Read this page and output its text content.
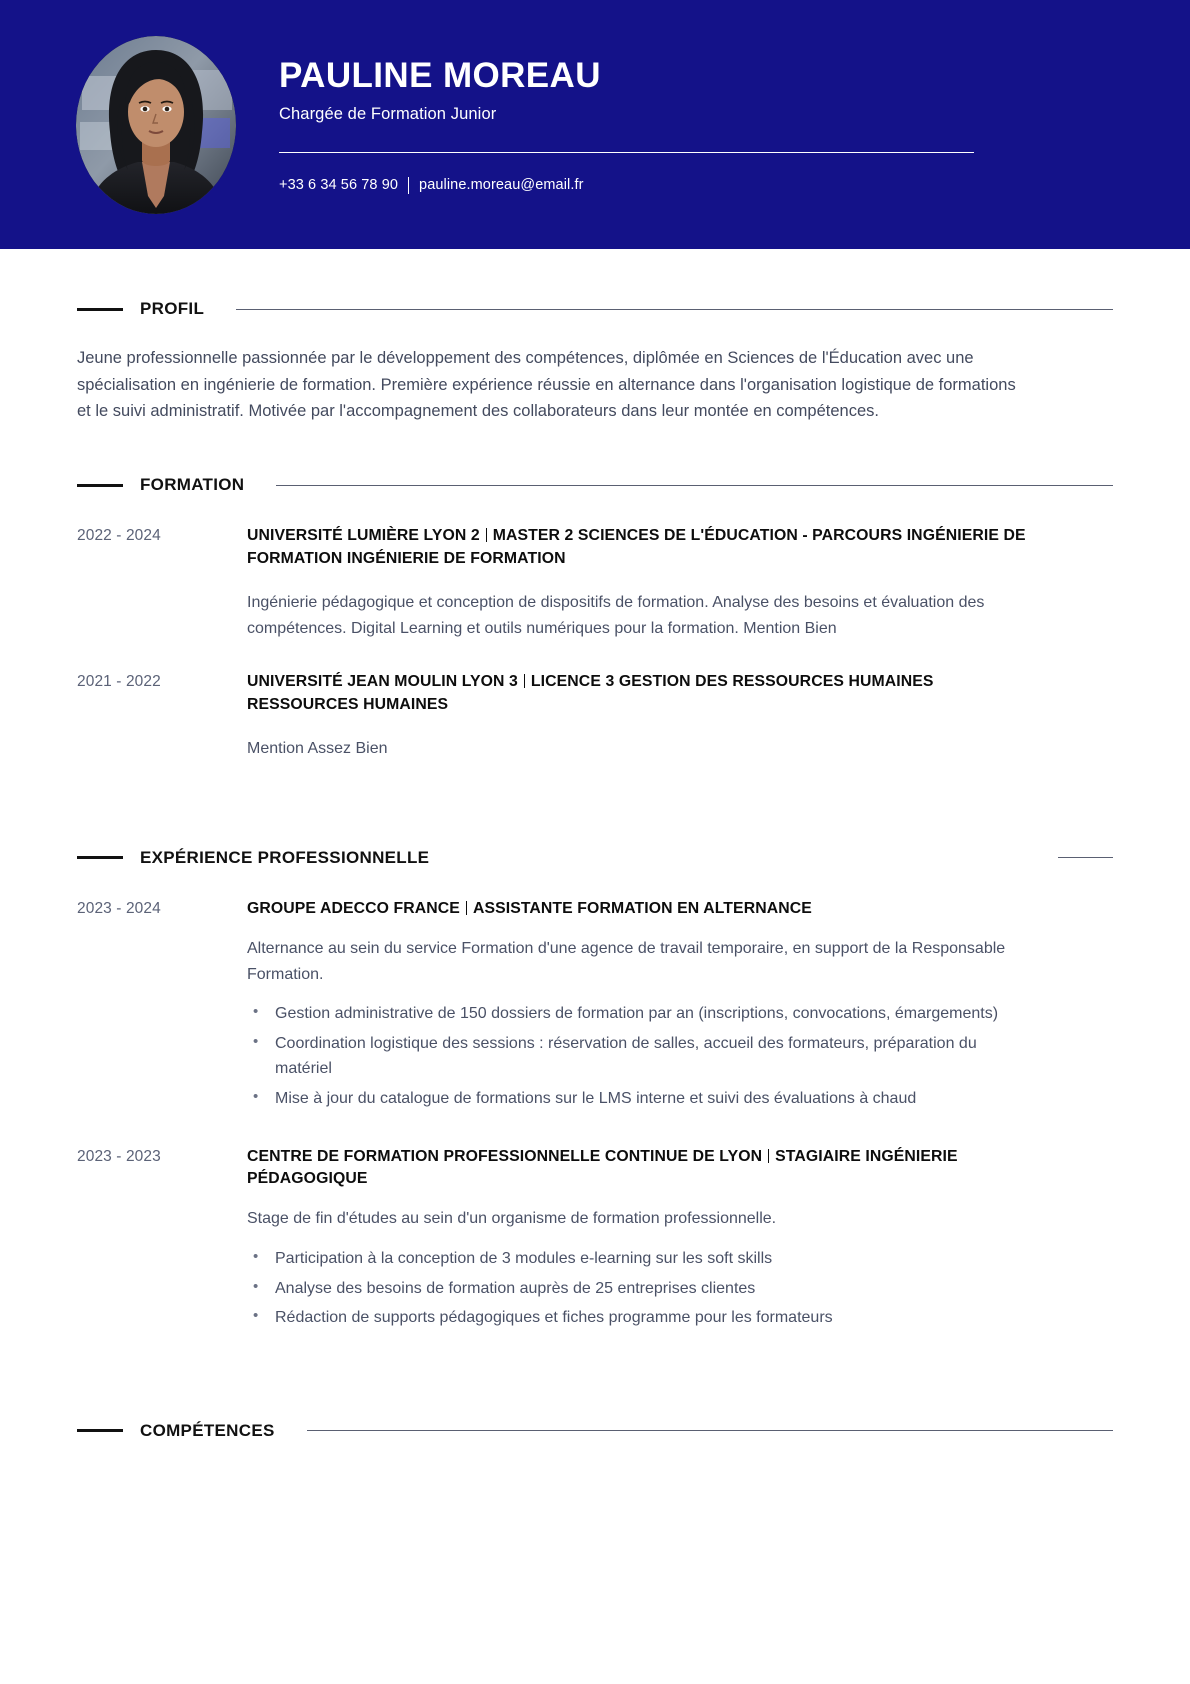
PAULINE MOREAU
Chargée de Formation Junior
+33 6 34 56 78 90 pauline.moreau@email.fr
PROFIL
Jeune professionnelle passionnée par le développement des compétences, diplômée en Sciences de l'Éducation avec une spécialisation en ingénierie de formation. Première expérience réussie en alternance dans l'organisation logistique de formations et le suivi administratif. Motivée par l'accompagnement des collaborateurs dans leur montée en compétences.
FORMATION
2022 - 2024	UNIVERSITÉ LUMIÈRE LYON 2 MASTER 2 SCIENCES DE L'ÉDUCATION - PARCOURS INGÉNIERIE DE FORMATION INGÉNIERIE DE FORMATION
Ingénierie pédagogique et conception de dispositifs de formation. Analyse des besoins et évaluation des compétences. Digital Learning et outils numériques pour la formation. Mention Bien
2021 - 2022	UNIVERSITÉ JEAN MOULIN LYON 3 LICENCE 3 GESTION DES RESSOURCES HUMAINES RESSOURCES HUMAINES
Mention Assez Bien
EXPÉRIENCE PROFESSIONNELLE
2023 - 2024	GROUPE ADECCO FRANCE ASSISTANTE FORMATION EN ALTERNANCE
Alternance au sein du service Formation d'une agence de travail temporaire, en support de la Responsable Formation.
• Gestion administrative de 150 dossiers de formation par an (inscriptions, convocations, émargements)
• Coordination logistique des sessions : réservation de salles, accueil des formateurs, préparation du matériel
• Mise à jour du catalogue de formations sur le LMS interne et suivi des évaluations à chaud
2023 - 2023	CENTRE DE FORMATION PROFESSIONNELLE CONTINUE DE LYON STAGIAIRE INGÉNIERIE PÉDAGOGIQUE
Stage de fin d'études au sein d'un organisme de formation professionnelle.
• Participation à la conception de 3 modules e-learning sur les soft skills
• Analyse des besoins de formation auprès de 25 entreprises clientes
• Rédaction de supports pédagogiques et fiches programme pour les formateurs
COMPÉTENCES
